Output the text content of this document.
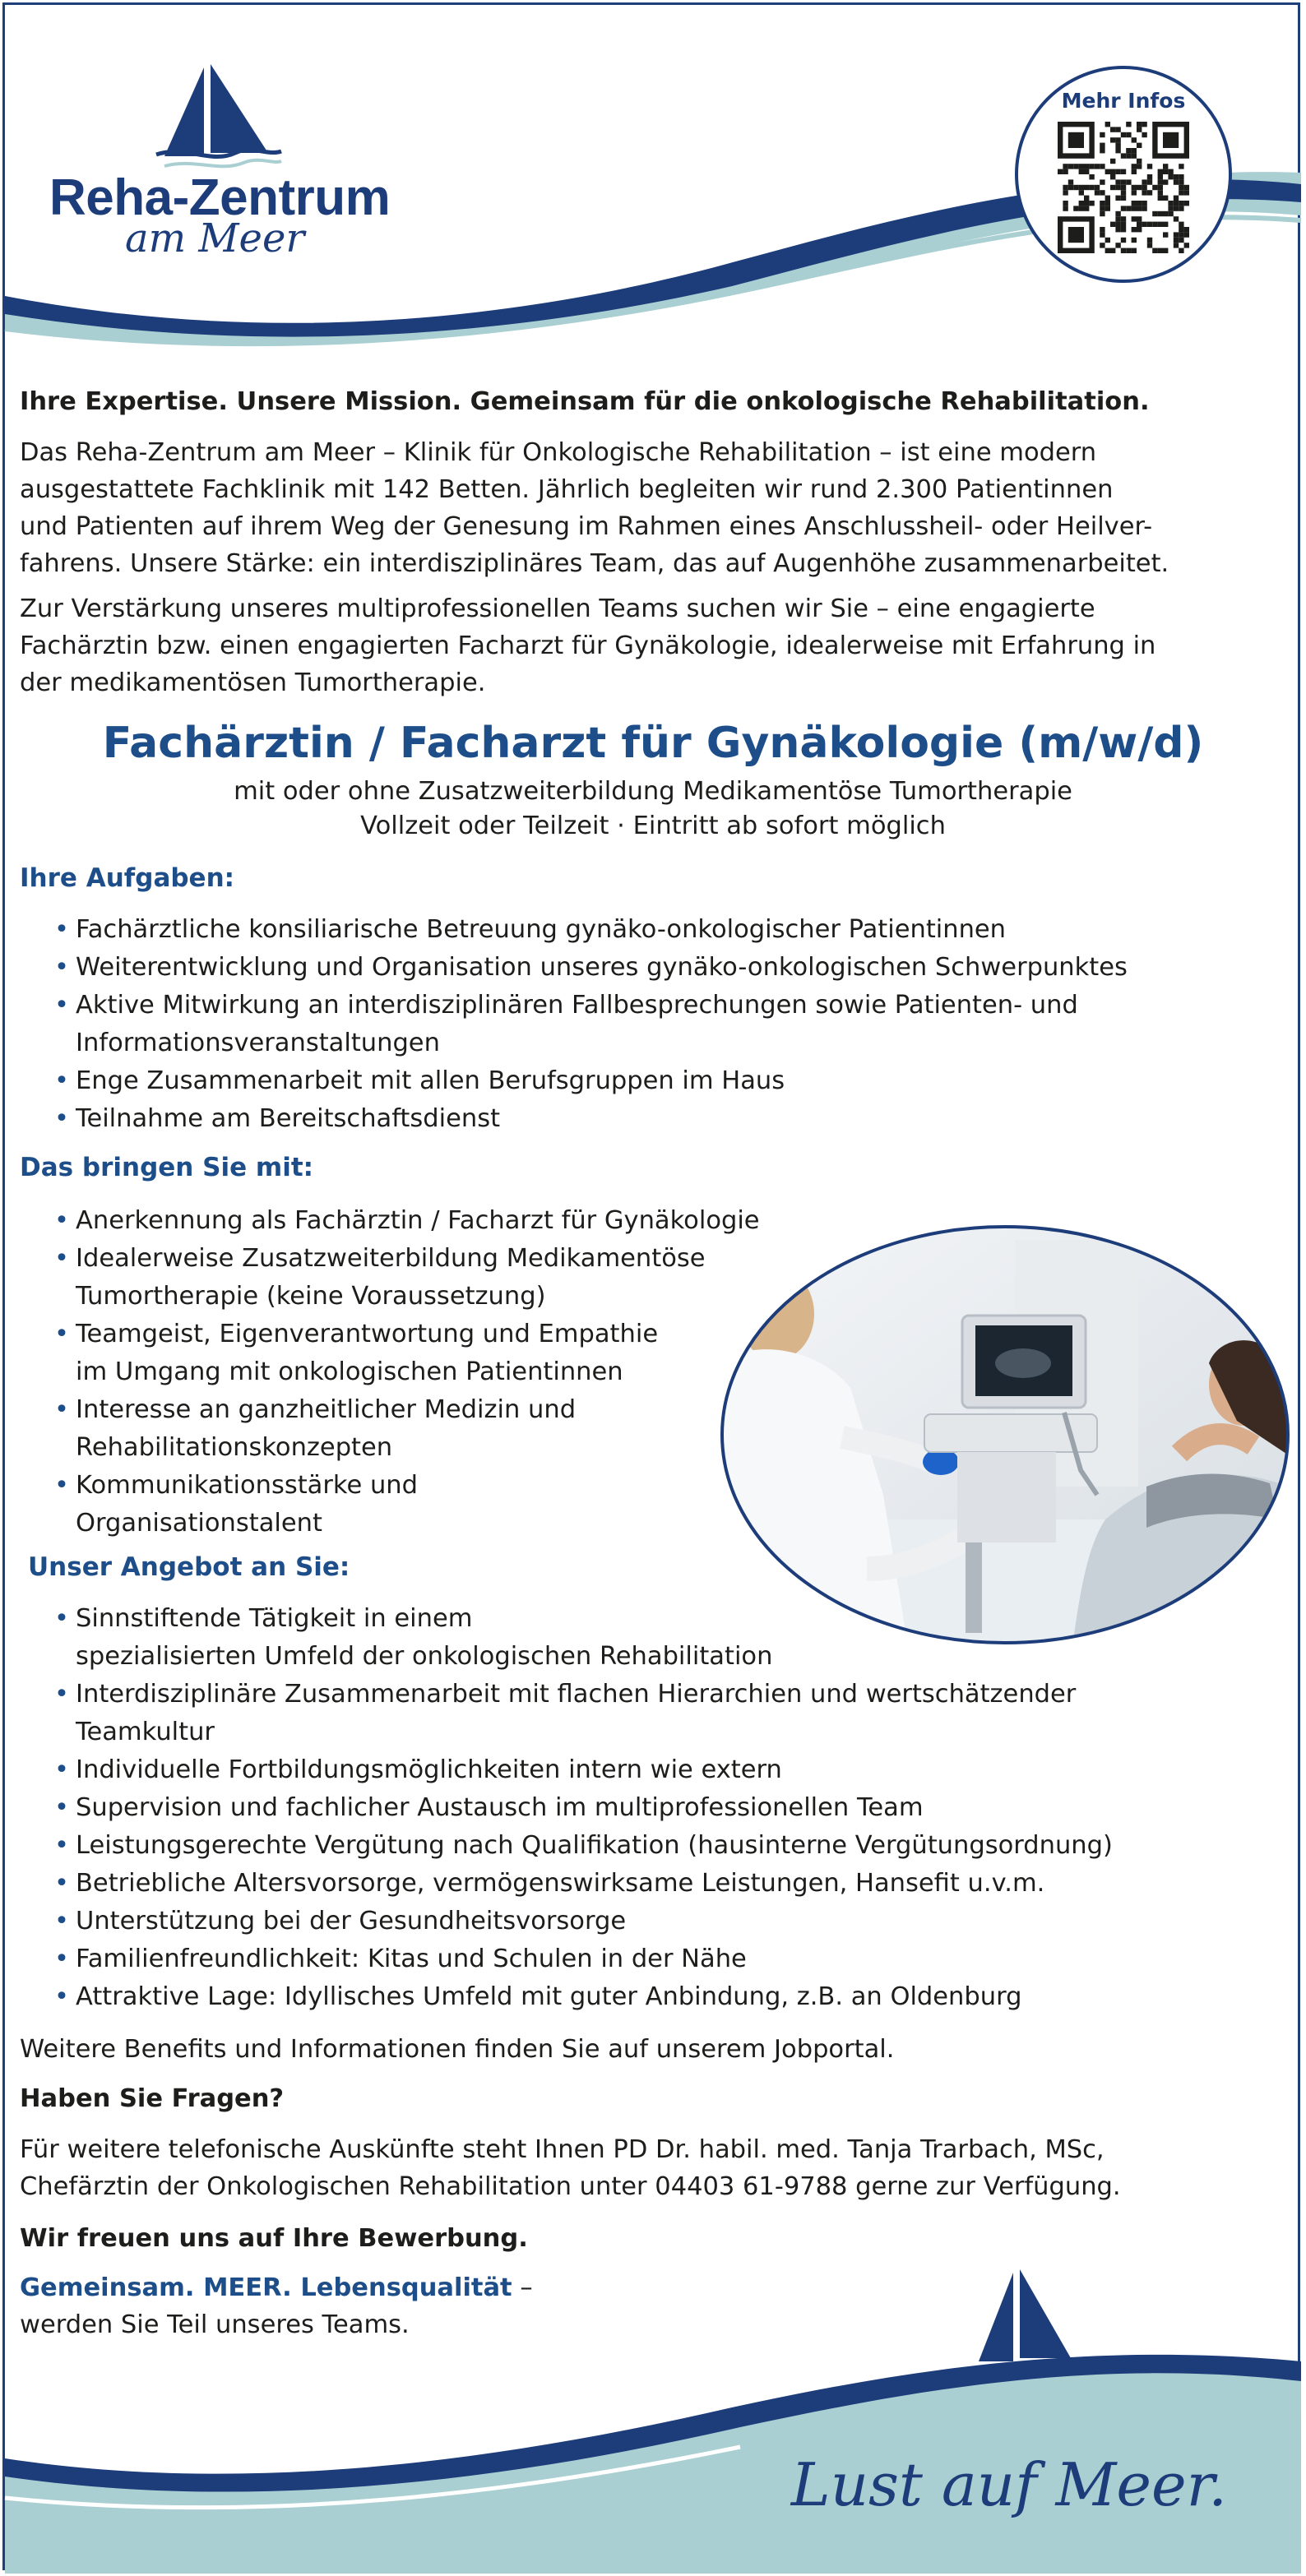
Reha-Zentrum
am Meer
Mehr Infos

Ihre Expertise. Unsere Mission. Gemeinsam für die onkologische Rehabilitation.

Das Reha-Zentrum am Meer – Klinik für Onkologische Rehabilitation – ist eine modern
ausgestattete Fachklinik mit 142 Betten. Jährlich begleiten wir rund 2.300 Patientinnen
und Patienten auf ihrem Weg der Genesung im Rahmen eines Anschlussheil- oder Heilver-
fahrens. Unsere Stärke: ein interdisziplinäres Team, das auf Augenhöhe zusammenarbeitet.

Zur Verstärkung unseres multiprofessionellen Teams suchen wir Sie – eine engagierte
Fachärztin bzw. einen engagierten Facharzt für Gynäkologie, idealerweise mit Erfahrung in
der medikamentösen Tumortherapie.

Fachärztin / Facharzt für Gynäkologie (m/w/d)
mit oder ohne Zusatzweiterbildung Medikamentöse Tumortherapie
Vollzeit oder Teilzeit · Eintritt ab sofort möglich
Ihre Aufgaben:
• Fachärztliche konsiliarische Betreuung gynäko-onkologischer Patientinnen
• Weiterentwicklung und Organisation unseres gynäko-onkologischen Schwerpunktes
• Aktive Mitwirkung an interdisziplinären Fallbesprechungen sowie Patienten- und
Informationsveranstaltungen
• Enge Zusammenarbeit mit allen Berufsgruppen im Haus
• Teilnahme am Bereitschaftsdienst
Das bringen Sie mit:
• Anerkennung als Fachärztin / Facharzt für Gynäkologie
• Idealerweise Zusatzweiterbildung Medikamentöse
Tumortherapie (keine Voraussetzung)
• Teamgeist, Eigenverantwortung und Empathie
im Umgang mit onkologischen Patientinnen
• Interesse an ganzheitlicher Medizin und
Rehabilitationskonzepten
• Kommunikationsstärke und
Organisationstalent
Unser Angebot an Sie:
• Sinnstiftende Tätigkeit in einem
spezialisierten Umfeld der onkologischen Rehabilitation
• Interdisziplinäre Zusammenarbeit mit flachen Hierarchien und wertschätzender
Teamkultur
• Individuelle Fortbildungsmöglichkeiten intern wie extern
• Supervision und fachlicher Austausch im multiprofessionellen Team
• Leistungsgerechte Vergütung nach Qualifikation (hausinterne Vergütungsordnung)
• Betriebliche Altersvorsorge, vermögenswirksame Leistungen, Hansefit u.v.m.
• Unterstützung bei der Gesundheitsvorsorge
• Familienfreundlichkeit: Kitas und Schulen in der Nähe
• Attraktive Lage: Idyllisches Umfeld mit guter Anbindung, z.B. an Oldenburg

Weitere Benefits und Informationen finden Sie auf unserem Jobportal.

Haben Sie Fragen?

Für weitere telefonische Auskünfte steht Ihnen PD Dr. habil. med. Tanja Trarbach, MSc,
Chefärztin der Onkologischen Rehabilitation unter 04403 61-9788 gerne zur Verfügung.

Wir freuen uns auf Ihre Bewerbung.

Gemeinsam. MEER. Lebensqualität –
werden Sie Teil unseres Teams.

Lust auf Meer.
